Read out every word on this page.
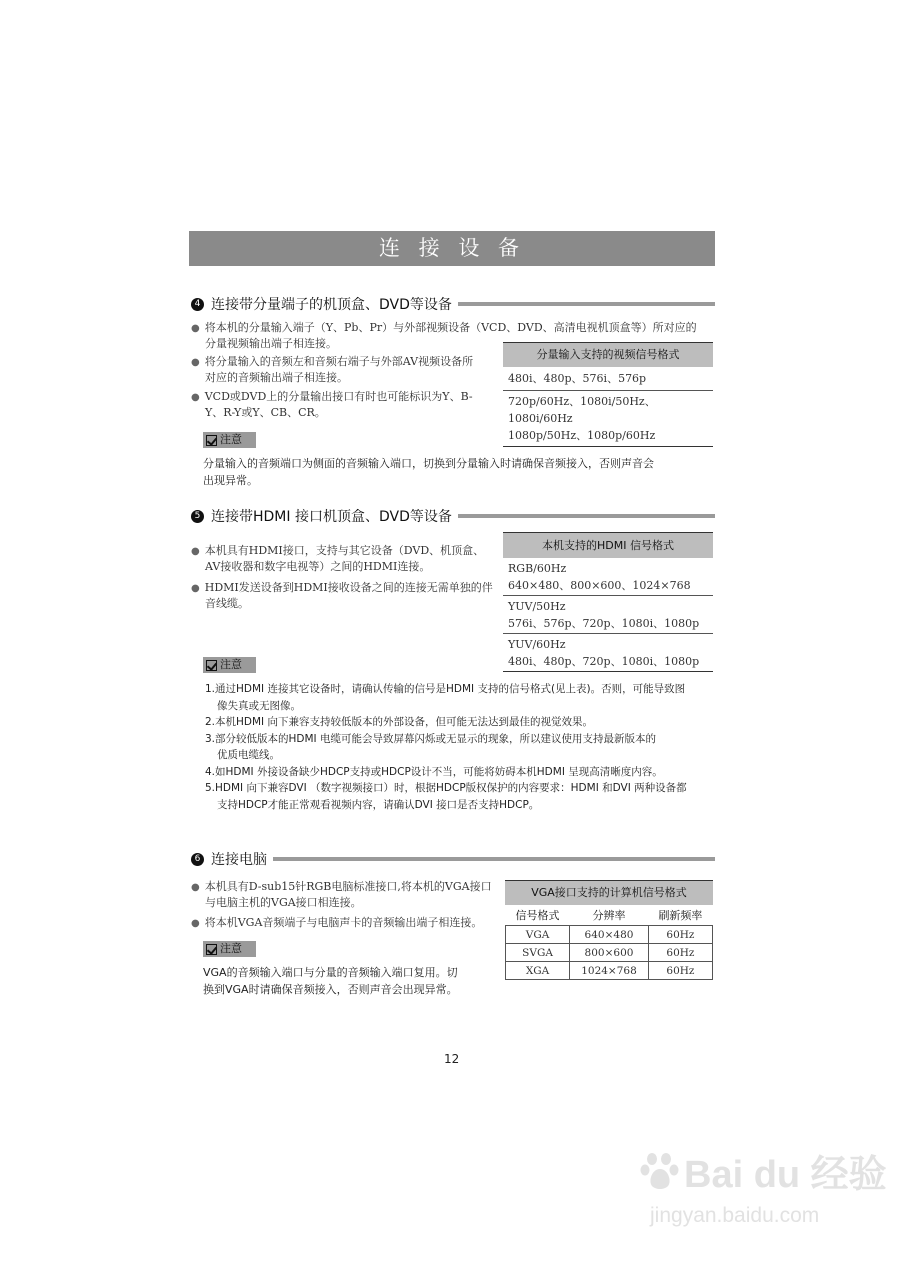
连 接 设 备
4 连接带分量端子的机顶盒、DVD等设备
● 将本机的分量输入端子（Y、Pb、Pr）与外部视频设备（VCD、DVD、高清电视机顶盒等）所对应的
分量视频输出端子相连接。
● 将分量输入的音频左和音频右端子与外部AV视频设备所
对应的音频输出端子相连接。
● VCD或DVD上的分量输出接口有时也可能标识为Y、B-
Y、R-Y或Y、CB、CR。
分量输入支持的视频信号格式
480i、480p、576i、576p
720p/60Hz、1080i/50Hz、1080i/60Hz
1080p/50Hz、1080p/60Hz
注意
分量输入的音频端口为侧面的音频输入端口，切换到分量输入时请确保音频接入，否则声音会
出现异常。
5 连接带HDMI 接口机顶盒、DVD等设备
● 本机具有HDMI接口，支持与其它设备（DVD、机顶盒、
AV接收器和数字电视等）之间的HDMI连接。
● HDMI发送设备到HDMI接收设备之间的连接无需单独的伴
音线缆。
本机支持的HDMI 信号格式
RGB/60Hz
640×480、800×600、1024×768
YUV/50Hz
576i、576p、720p、1080i、1080p
YUV/60Hz
480i、480p、720p、1080i、1080p
注意
1.通过HDMI 连接其它设备时，请确认传输的信号是HDMI 支持的信号格式(见上表)。否则，可能导致图
像失真或无图像。
2.本机HDMI 向下兼容支持较低版本的外部设备，但可能无法达到最佳的视觉效果。
3.部分较低版本的HDMI 电缆可能会导致屏幕闪烁或无显示的现象，所以建议使用支持最新版本的
优质电缆线。
4.如HDMI 外接设备缺少HDCP支持或HDCP设计不当，可能将妨碍本机HDMI 呈现高清晰度内容。
5.HDMI 向下兼容DVI （数字视频接口）时，根据HDCP版权保护的内容要求：HDMI 和DVI 两种设备都
支持HDCP才能正常观看视频内容，请确认DVI 接口是否支持HDCP。
6 连接电脑
● 本机具有D-sub15针RGB电脑标准接口,将本机的VGA接口
与电脑主机的VGA接口相连接。
● 将本机VGA音频端子与电脑声卡的音频输出端子相连接。
注意
VGA的音频输入端口与分量的音频输入端口复用。切
换到VGA时请确保音频接入，否则声音会出现异常。
VGA接口支持的计算机信号格式
信号格式	分辨率	刷新频率
VGA	640×480	60Hz
SVGA	800×600	60Hz
XGA	1024×768	60Hz
12
Bai du 经验
jingyan.baidu.com
